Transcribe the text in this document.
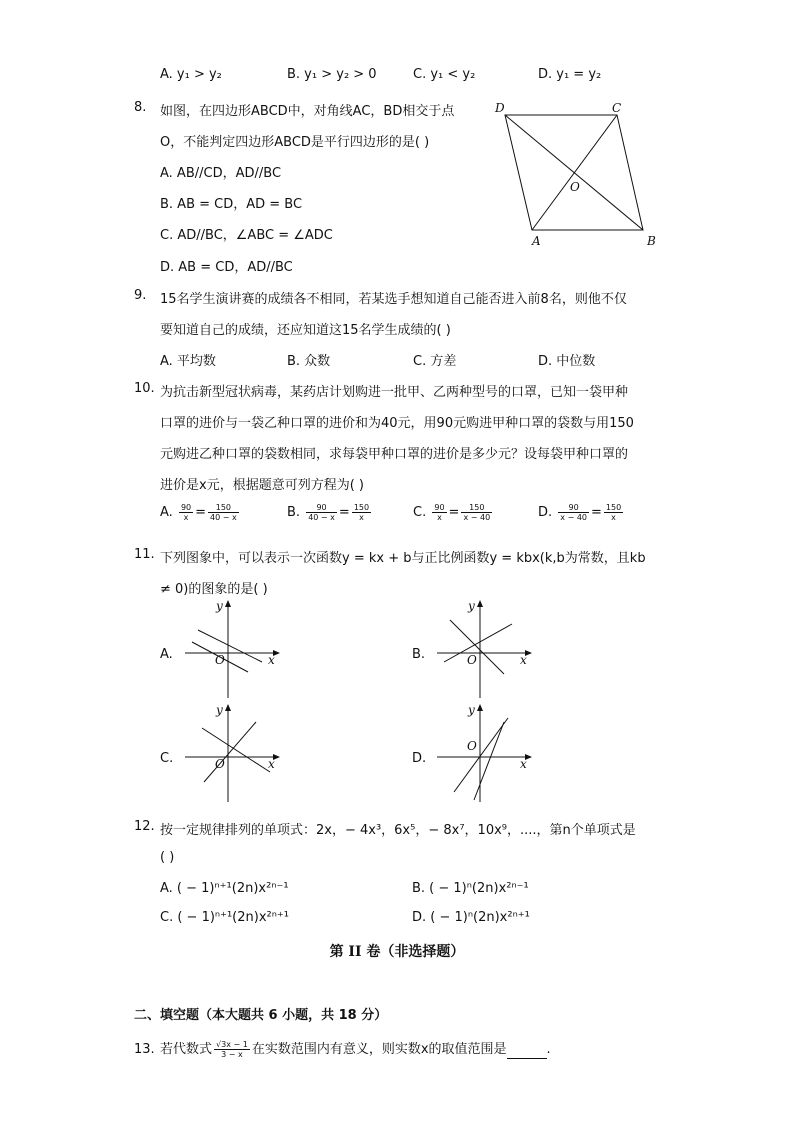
A. y₁ > y₂	B. y₁ > y₂ > 0	C. y₁ < y₂	D. y₁ = y₂
8. 如图，在四边形ABCD中，对角线AC，BD相交于点
O，不能判定四边形ABCD是平行四边形的是( )
A. AB//CD，AD//BC
B. AB = CD，AD = BC
C. AD//BC，∠ABC = ∠ADC
D. AB = CD，AD//BC
D	C
O
A	B
9. 15名学生演讲赛的成绩各不相同，若某选手想知道自己能否进入前8名，则他不仅
要知道自己的成绩，还应知道这15名学生成绩的( )
A. 平均数	B. 众数	C. 方差	D. 中位数
10. 为抗击新型冠状病毒，某药店计划购进一批甲、乙两种型号的口罩，已知一袋甲种
口罩的进价与一袋乙种口罩的进价和为40元，用90元购进甲种口罩的袋数与用150
元购进乙种口罩的袋数相同，求每袋甲种口罩的进价是多少元？设每袋甲种口罩的
进价是x元，根据题意可列方程为( )
A. $\frac{90}{x} = \frac{150}{40 - x}$	B. $\frac{90}{40 - x} = \frac{150}{x}$	C. $\frac{90}{x} = \frac{150}{x - 40}$	D. $\frac{90}{x - 40} = \frac{150}{x}$
11. 下列图象中，可以表示一次函数y = kx + b与正比例函数y = kbx(k,b为常数，且kb
≠ 0)的图象的是( )
A.
y
x
O	B.
y
x
O
C.
y
x
O	D.
y
x
O
12. 按一定规律排列的单项式：2x，− 4x³，6x⁵，− 8x⁷，10x⁹，....，第n个单项式是
( )
A. ( − 1)ⁿ⁺¹(2n)x²ⁿ⁻¹	B. ( − 1)ⁿ(2n)x²ⁿ⁻¹
C. ( − 1)ⁿ⁺¹(2n)x²ⁿ⁺¹	D. ( − 1)ⁿ(2n)x²ⁿ⁺¹
第 II 卷（非选择题）
二、填空题（本大题共 6 小题，共 18 分）
13. 若代数式 $\frac{√3x - 1}{3 - x}$ 在实数范围内有意义，则实数x的取值范围是	.
